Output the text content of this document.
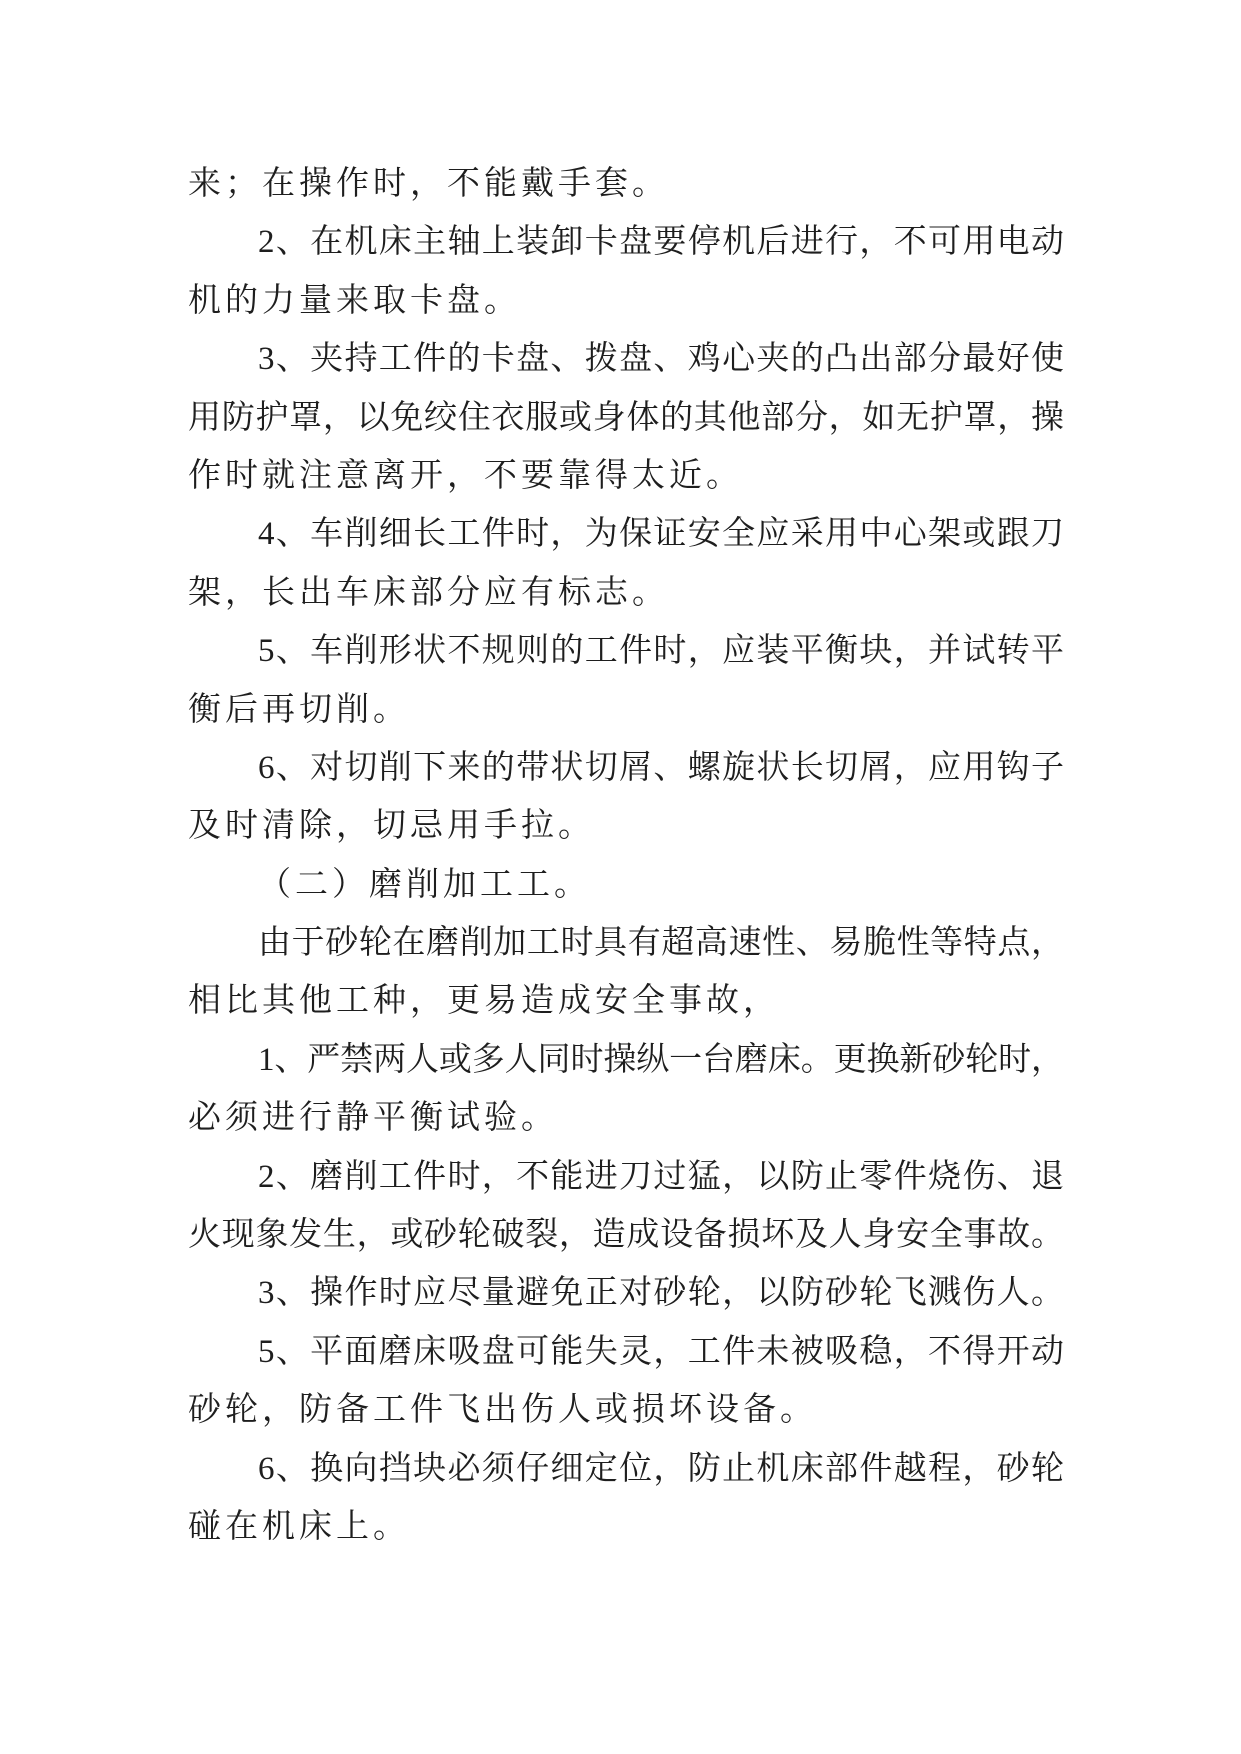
来；在操作时，不能戴手套。
2、在机床主轴上装卸卡盘要停机后进行，不可用电动
机的力量来取卡盘。
3、夹持工件的卡盘、拨盘、鸡心夹的凸出部分最好使
用防护罩，以免绞住衣服或身体的其他部分，如无护罩，操
作时就注意离开，不要靠得太近。
4、车削细长工件时，为保证安全应采用中心架或跟刀
架，长出车床部分应有标志。
5、车削形状不规则的工件时，应装平衡块，并试转平
衡后再切削。
6、对切削下来的带状切屑、螺旋状长切屑，应用钩子
及时清除，切忌用手拉。
（二）磨削加工工。
由于砂轮在磨削加工时具有超高速性、易脆性等特点，
相比其他工种，更易造成安全事故，
1、严禁两人或多人同时操纵一台磨床。更换新砂轮时，
必须进行静平衡试验。
2、磨削工件时，不能进刀过猛，以防止零件烧伤、退
火现象发生，或砂轮破裂，造成设备损坏及人身安全事故。
3、操作时应尽量避免正对砂轮，以防砂轮飞溅伤人。
5、平面磨床吸盘可能失灵，工件未被吸稳，不得开动
砂轮，防备工件飞出伤人或损坏设备。
6、换向挡块必须仔细定位，防止机床部件越程，砂轮
碰在机床上。
